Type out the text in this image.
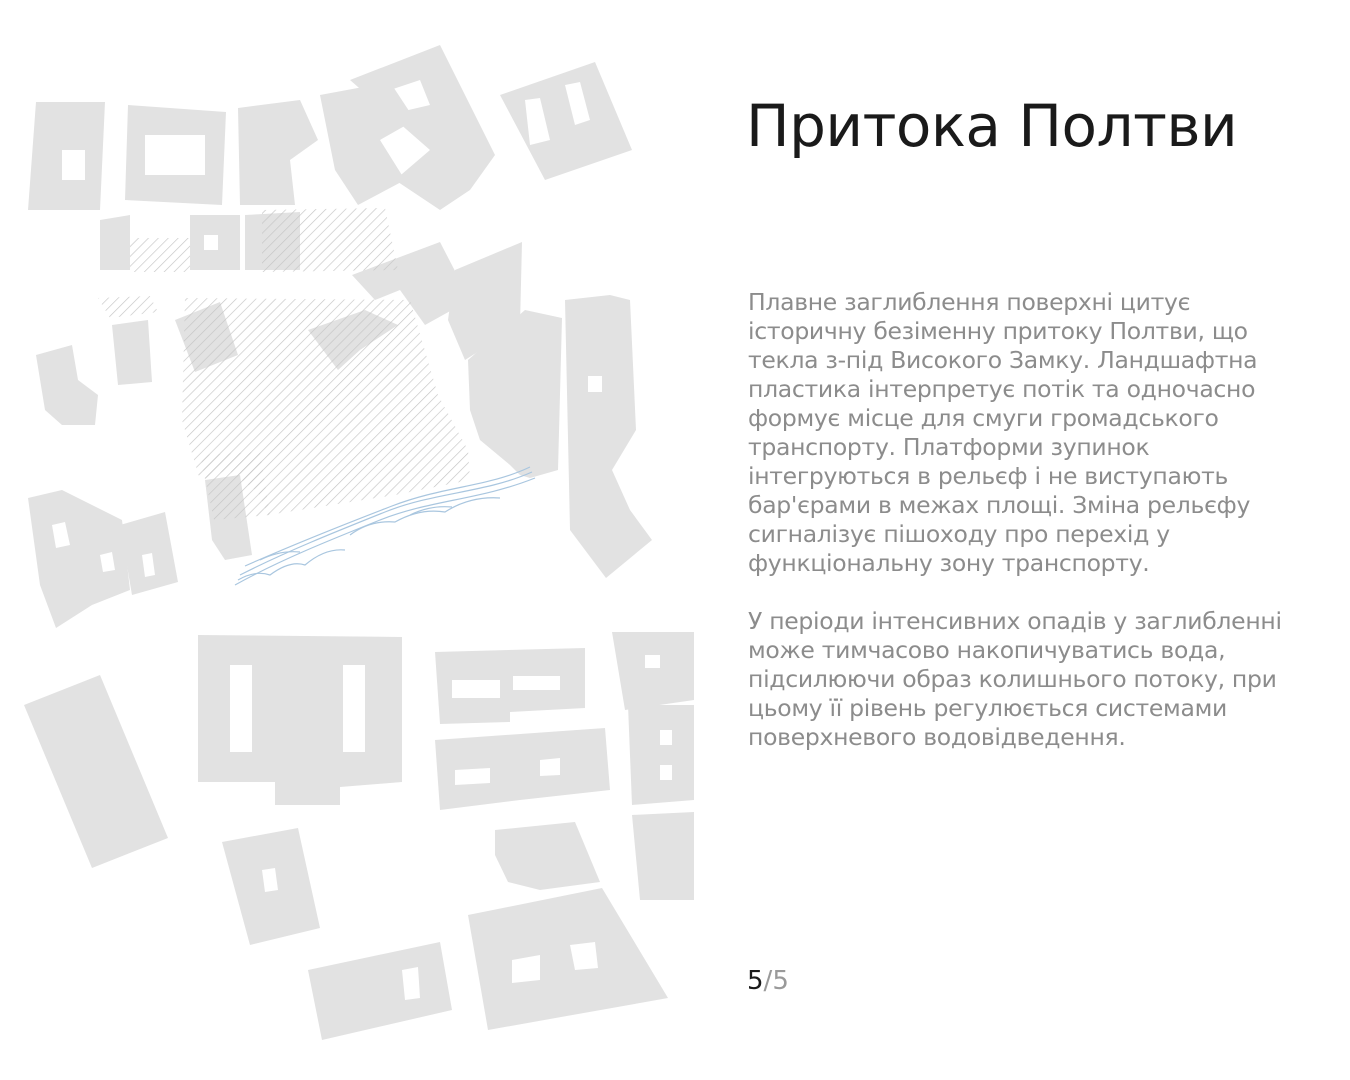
Притока Полтви

Плавне заглиблення поверхні цитує історичну безіменну притоку Полтви, що текла з-під Високого Замку. Ландшафтна пластика інтерпретує потік та одночасно формує місце для смуги громадського транспорту. Платформи зупинок інтегруються в рельєф і не виступають бар'єрами в межах площі. Зміна рельєфу сигналізує пішоходу про перехід у функціональну зону транспорту.

У періоди інтенсивних опадів у заглибленні може тимчасово накопичуватись вода, підсилюючи образ колишнього потоку, при цьому її рівень регулюється системами поверхневого водовідведення.

5/5
